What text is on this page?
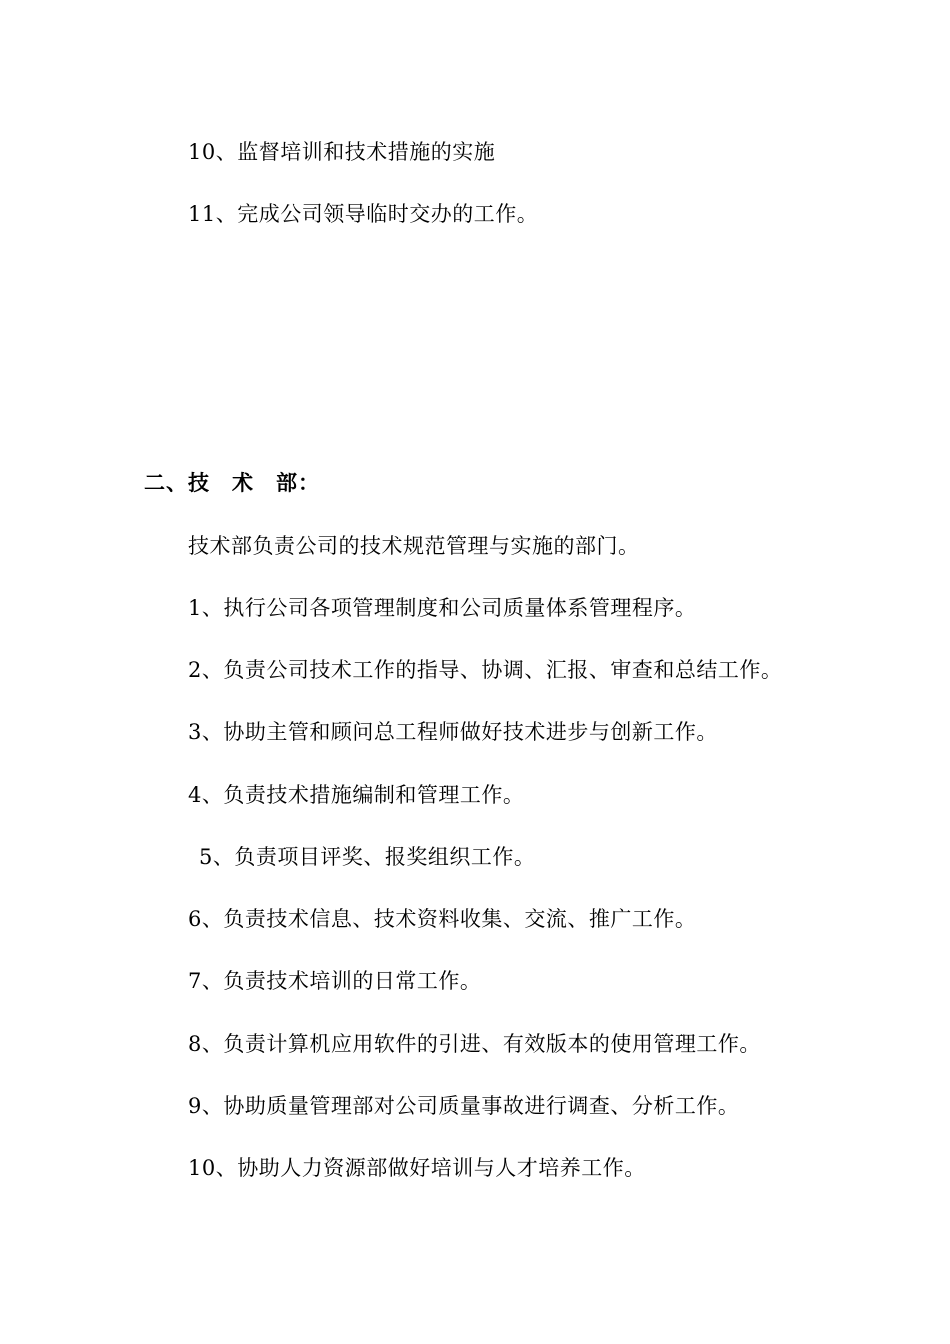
10、监督培训和技术措施的实施
11、完成公司领导临时交办的工作。
二、技 术 部：
技术部负责公司的技术规范管理与实施的部门。
1、执行公司各项管理制度和公司质量体系管理程序。
2、负责公司技术工作的指导、协调、汇报、审查和总结工作。
3、协助主管和顾问总工程师做好技术进步与创新工作。
4、负责技术措施编制和管理工作。
5、负责项目评奖、报奖组织工作。
6、负责技术信息、技术资料收集、交流、推广工作。
7、负责技术培训的日常工作。
8、负责计算机应用软件的引进、有效版本的使用管理工作。
9、协助质量管理部对公司质量事故进行调查、分析工作。
10、协助人力资源部做好培训与人才培养工作。
